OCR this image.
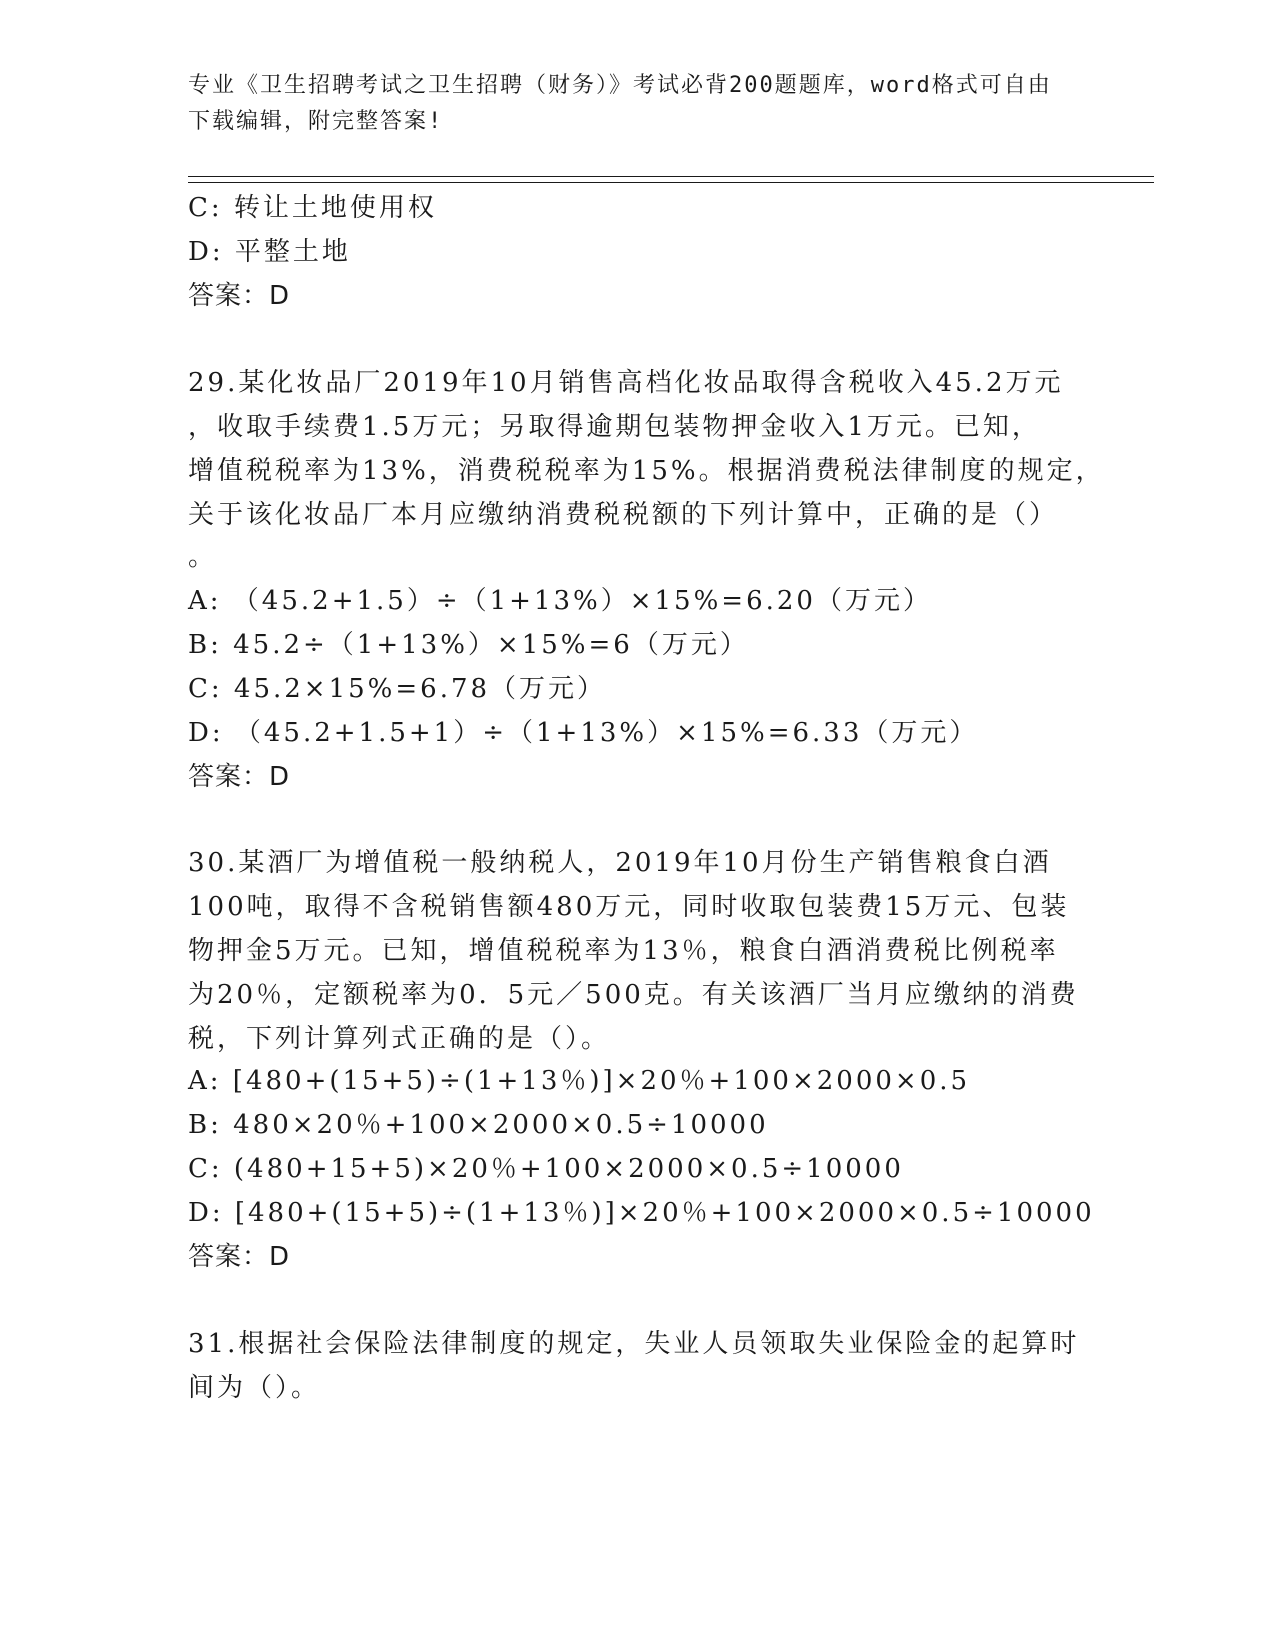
专业《卫生招聘考试之卫生招聘（财务）》考试必背200题题库，word格式可自由下载编辑，附完整答案!
C: 转让土地使用权
D: 平整土地
答案：D
29.某化妆品厂2019年10月销售高档化妆品取得含税收入45.2万元
，收取手续费1.5万元；另取得逾期包装物押金收入1万元。已知，
增值税税率为13%，消费税税率为15%。根据消费税法律制度的规定，
关于该化妆品厂本月应缴纳消费税税额的下列计算中，正确的是（）
。
A: （45.2+1.5）÷（1+13%）×15%=6.20（万元）
B: 45.2÷（1+13%）×15%=6（万元）
C: 45.2×15%=6.78（万元）
D: （45.2+1.5+1）÷（1+13%）×15%=6.33（万元）
答案：D
30.某酒厂为增值税一般纳税人，2019年10月份生产销售粮食白酒
100吨，取得不含税销售额480万元，同时收取包装费15万元、包装
物押金5万元。已知，增值税税率为13％，粮食白酒消费税比例税率
为20％，定额税率为0．5元／500克。有关该酒厂当月应缴纳的消费
税，下列计算列式正确的是（）。
A: [480+(15+5)÷(1+13％)]×20％+100×2000×0.5
B: 480×20％+100×2000×0.5÷10000
C: (480+15+5)×20％+100×2000×0.5÷10000
D: [480+(15+5)÷(1+13％)]×20％+100×2000×0.5÷10000
答案：D
31.根据社会保险法律制度的规定，失业人员领取失业保险金的起算时
间为（）。
